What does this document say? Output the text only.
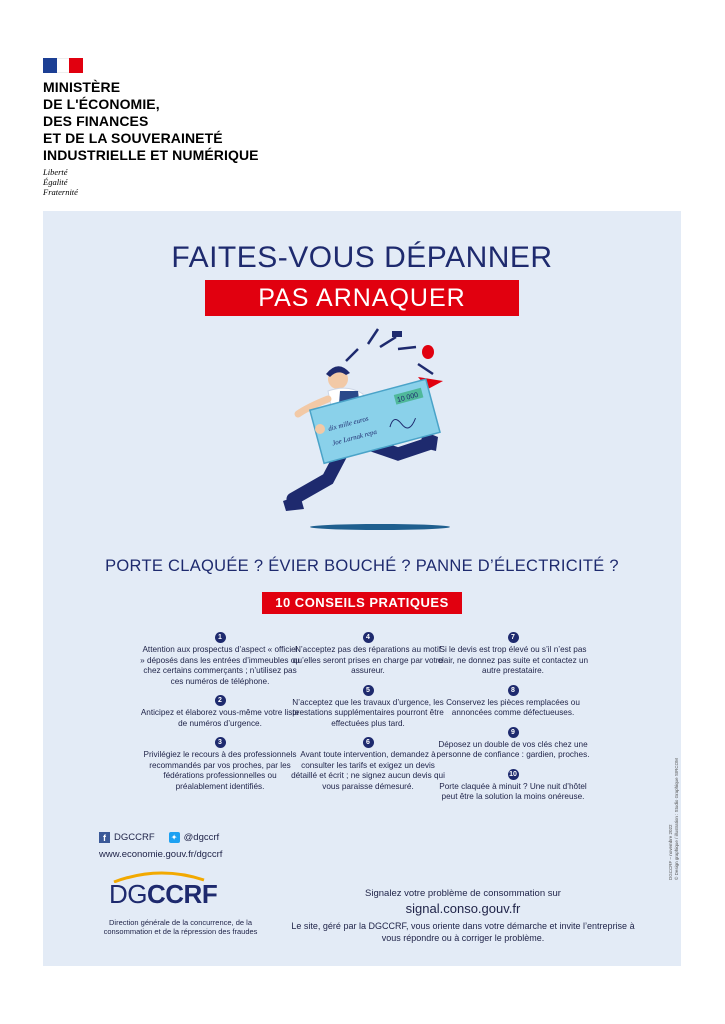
MINISTÈRE
DE L'ÉCONOMIE,
DES FINANCES
ET DE LA SOUVERAINETÉ
INDUSTRIELLE ET NUMÉRIQUE
Liberté
Égalité
Fraternité
FAITES-VOUS DÉPANNER
PAS ARNAQUER
10 000
dix mille euros
Joe Larnak repa
PORTE CLAQUÉE ? ÉVIER BOUCHÉ ? PANNE D’ÉLECTRICITÉ ?
10 CONSEILS PRATIQUES
1
Attention aux prospectus d’aspect « officiel » déposés dans les entrées d’immeubles ou chez certains commerçants ; n’utilisez pas ces numéros de téléphone.
2
Anticipez et élaborez vous-même votre liste de numéros d’urgence.
3
Privilégiez le recours à des professionnels recommandés par vos proches, par les fédérations professionnelles ou préalablement identifiés.
4
N’acceptez pas des réparations au motif qu’elles seront prises en charge par votre assureur.
5
N’acceptez que les travaux d’urgence, les prestations supplémentaires pourront être effectuées plus tard.
6
Avant toute intervention, demandez à consulter les tarifs et exigez un devis détaillé et écrit ; ne signez aucun devis qui vous paraisse démesuré.
7
Si le devis est trop élevé ou s’il n’est pas clair, ne donnez pas suite et contactez un autre prestataire.
8
Conservez les pièces remplacées ou annoncées comme défectueuses.
9
Déposez un double de vos clés chez une personne de confiance : gardien, proches.
10
Porte claquée à minuit ? Une nuit d’hôtel peut être la solution la moins onéreuse.
f DGCCRF ✦ @dgccrf
www.economie.gouv.fr/dgccrf
DGCCRF
Direction générale de la concurrence, de la consommation et de la répression des fraudes
Signalez votre problème de consommation sur
signal.conso.gouv.fr
Le site, géré par la DGCCRF, vous oriente dans votre démarche et invite l’entreprise à vous répondre ou à corriger le problème.
DGCCRF – novembre 2022 © Design graphique / illustration : Studio Graphique SIRCOM
